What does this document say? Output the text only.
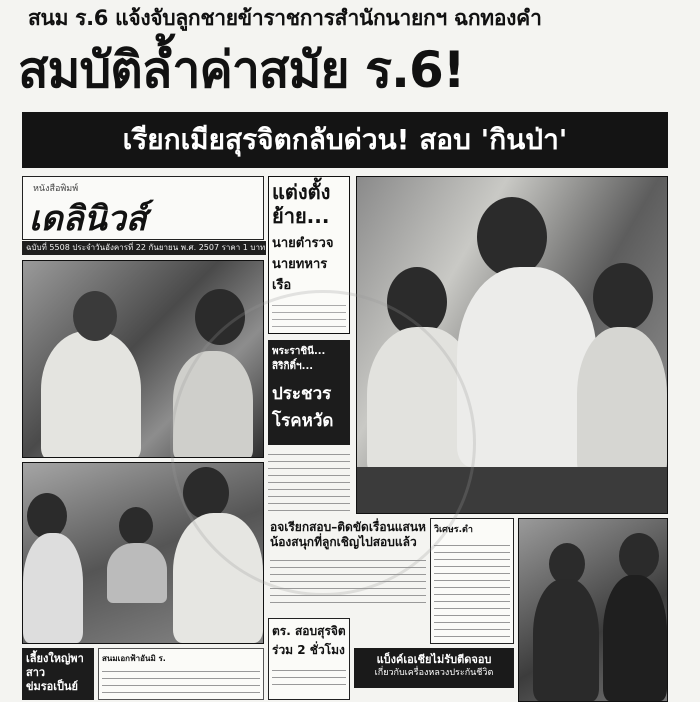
สนม ร.6 แจ้งจับลูกชายข้าราชการสำนักนายกฯ ฉกทองคำ
สมบัติล้ำค่าสมัย ร.6!
เรียกเมียสุรจิตกลับด่วน! สอบ 'กินป่า'
หนังสือพิมพ์
เดลินิวส์
ฉบับที่ 5508 ประจำวันอังคารที่ 22 กันยายน พ.ศ. 2507 ราคา 1 บาท
เลี้ยงใหญ่พาสาว
ข่มรอเป็นย์
สนมเอกฟ้าอันมิ ร.
แต่งตั้ง
ย้าย...
นายตำรวจ
นายทหารเรือ
พระราชินี...
สิริกิติ์ฯ...
ประชวร
โรคหวัด
อจเรียกสอบ–ติดขัดเรื่อนแสนห
น้องสนุกที่ลูกเชิญไปสอบแล้ว
ตร. สอบสุรจิต
ร่วม 2 ชั่วโมง
แบ็งค์เอเชียไม่รับตีดจอบ
เกี่ยวกับเครื่องหลวงประกันชีวิต
วิเศษร.ตำ
